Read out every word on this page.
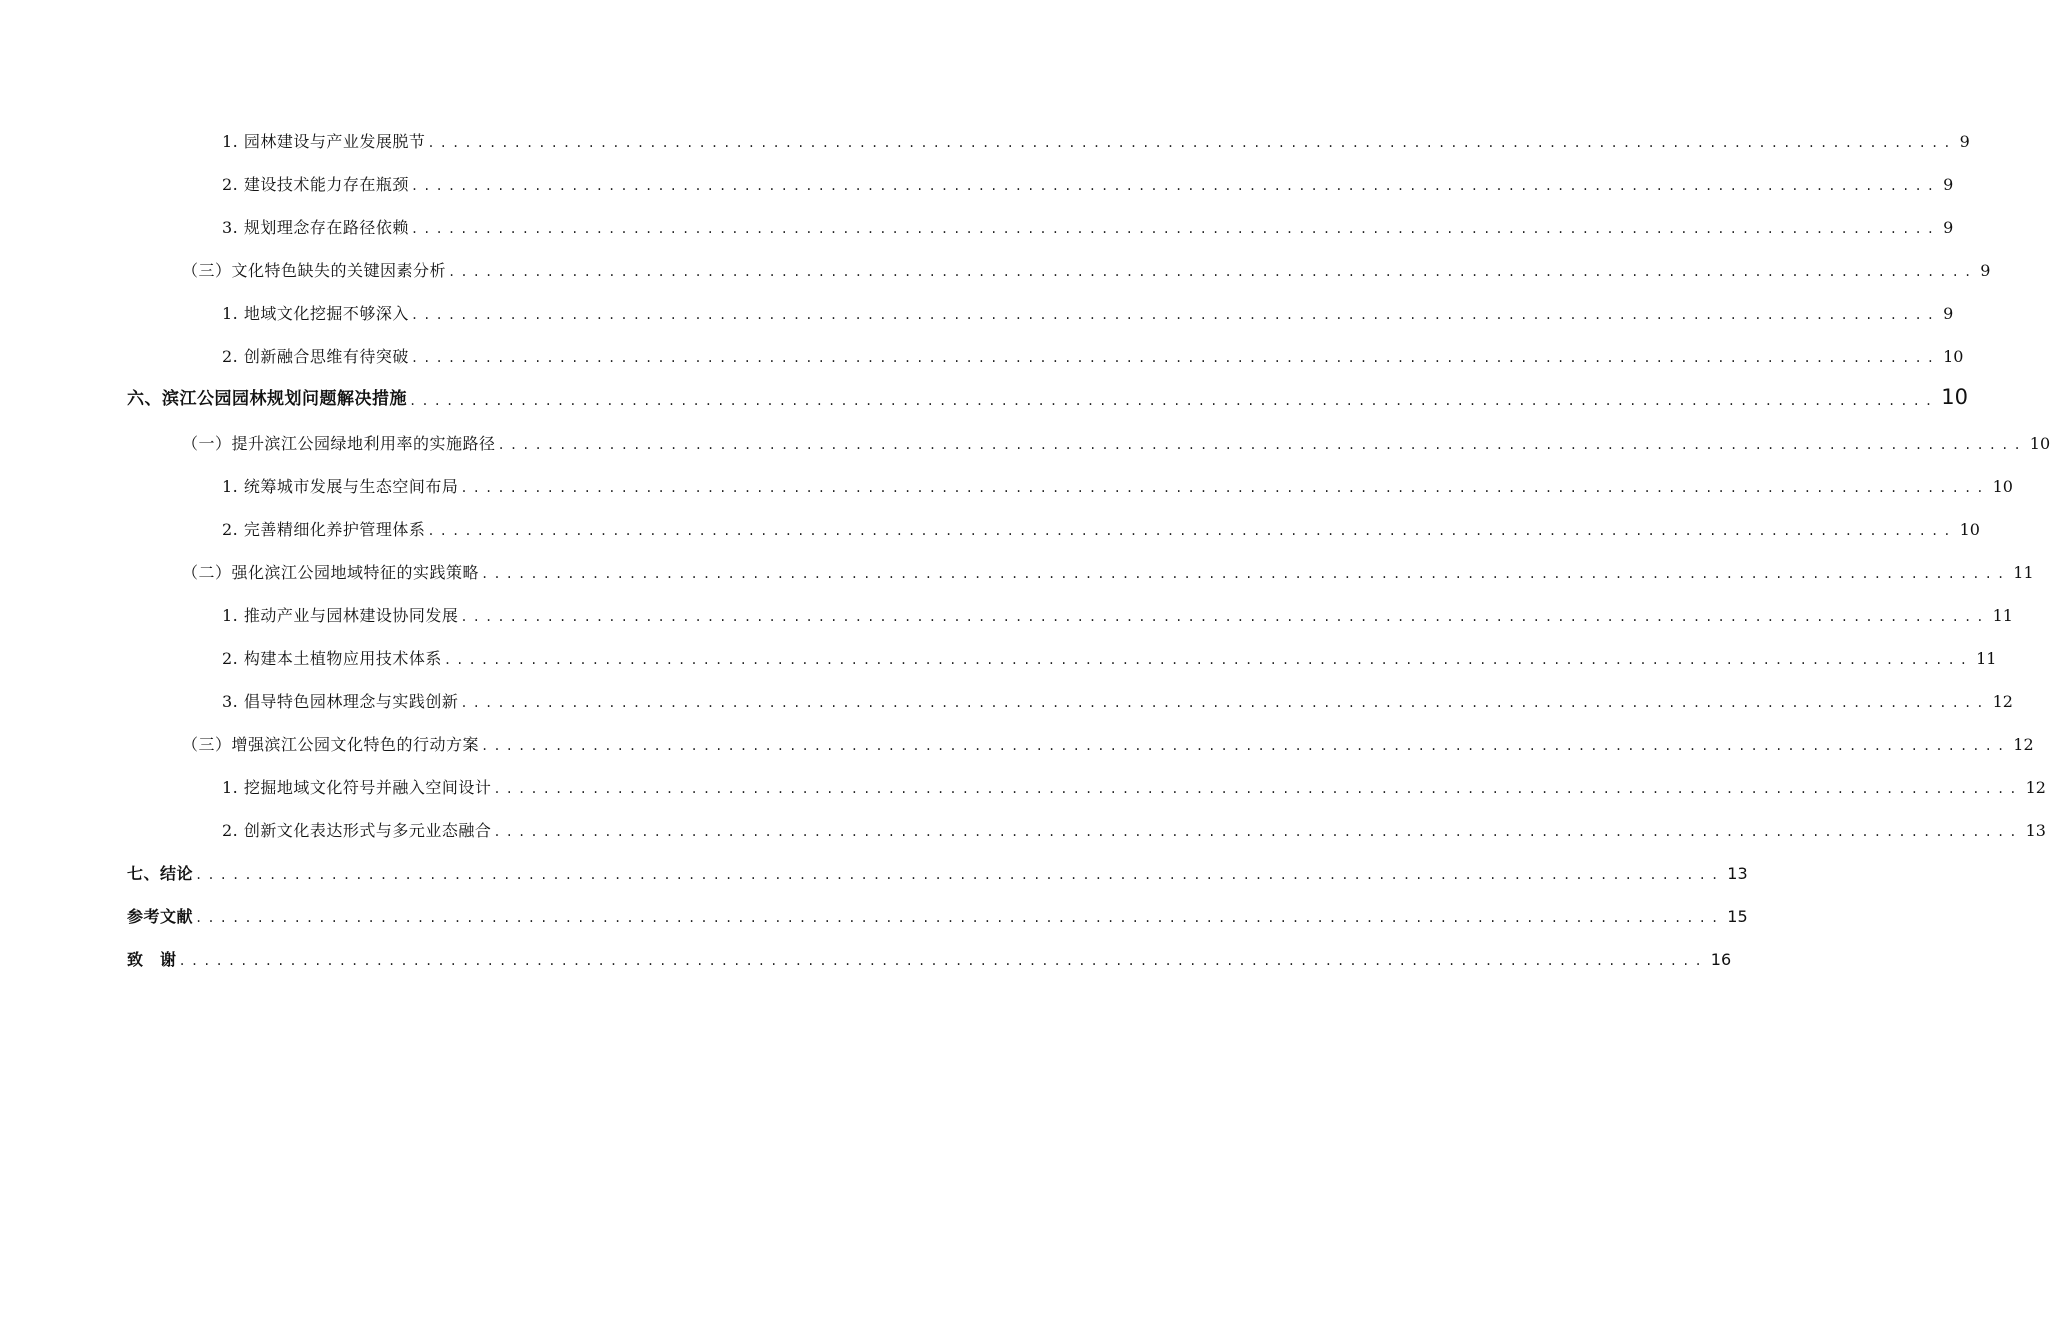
1. 园林建设与产业发展脱节 ............................................................................................................................ 9
2. 建设技术能力存在瓶颈 ............................................................................................................................ 9
3. 规划理念存在路径依赖 ............................................................................................................................ 9
（三）文化特色缺失的关键因素分析 ............................................................................................................................ 9
1. 地域文化挖掘不够深入 ............................................................................................................................ 9
2. 创新融合思维有待突破 ............................................................................................................................ 10
六、滨江公园园林规划问题解决措施 ............................................................................................................................ 10
（一）提升滨江公园绿地利用率的实施路径 ............................................................................................................................ 10
1. 统筹城市发展与生态空间布局 ............................................................................................................................ 10
2. 完善精细化养护管理体系 ............................................................................................................................ 10
（二）强化滨江公园地域特征的实践策略 ............................................................................................................................ 11
1. 推动产业与园林建设协同发展 ............................................................................................................................ 11
2. 构建本土植物应用技术体系 ............................................................................................................................ 11
3. 倡导特色园林理念与实践创新 ............................................................................................................................ 12
（三）增强滨江公园文化特色的行动方案 ............................................................................................................................ 12
1. 挖掘地域文化符号并融入空间设计 ............................................................................................................................ 12
2. 创新文化表达形式与多元业态融合 ............................................................................................................................ 13
七、结论 ............................................................................................................................ 13
参考文献 ............................................................................................................................ 15
致　谢 ............................................................................................................................ 16
